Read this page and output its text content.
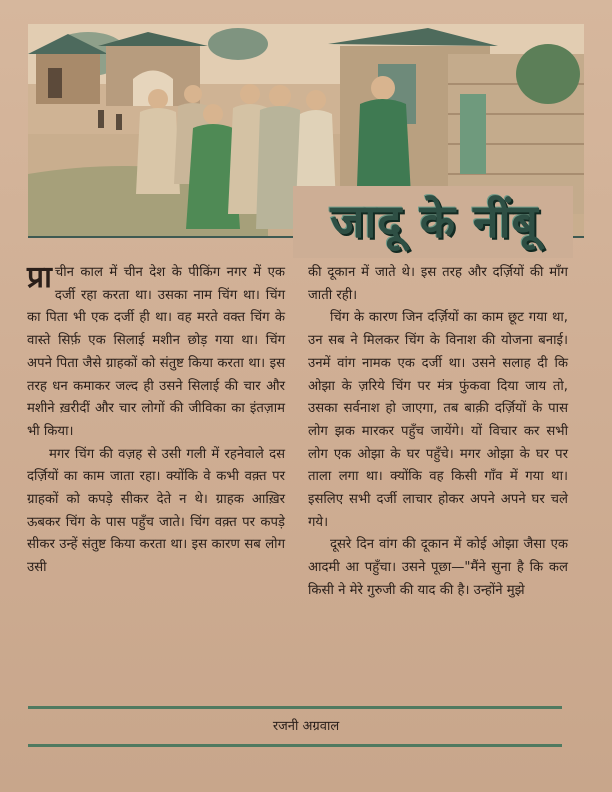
जादू के नींबू

प्रा चीन काल में चीन देश के पीकिंग नगर में एक दर्जी रहा करता था। उसका नाम चिंग था। चिंग का पिता भी एक दर्जी ही था। वह मरते वक्त चिंग के वास्ते सिर्फ़ एक सिलाई मशीन छोड़ गया था। चिंग अपने पिता जैसे ग्राहकों को संतुष्ट किया करता था। इस तरह धन कमाकर जल्द ही उसने सिलाई की चार और मशीने ख़रीदीं और चार लोगों की जीविका का इंतज़ाम भी किया।

मगर चिंग की वज़ह से उसी गली में रहनेवाले दस दर्ज़ियों का काम जाता रहा। क्योंकि वे कभी वक़्त पर ग्राहकों को कपड़े सीकर देते न थे। ग्राहक आख़िर ऊबकर चिंग के पास पहुँच जाते। चिंग वक़्त पर कपड़े सीकर उन्हें संतुष्ट किया करता था। इस कारण सब लोग उसी

की दूकान में जाते थे। इस तरह और दर्ज़ियों की माँग जाती रही।

चिंग के कारण जिन दर्ज़ियों का काम छूट गया था, उन सब ने मिलकर चिंग के विनाश की योजना बनाई। उनमें वांग नामक एक दर्जी था। उसने सलाह दी कि ओझा के ज़रिये चिंग पर मंत्र फुंकवा दिया जाय तो, उसका सर्वनाश हो जाएगा, तब बाक़ी दर्ज़ियों के पास लोग झक मारकर पहुँच जायेंगे। यों विचार कर सभी लोग एक ओझा के घर पहुँचे। मगर ओझा के घर पर ताला लगा था। क्योंकि वह किसी गाँव में गया था। इसलिए सभी दर्जी लाचार होकर अपने अपने घर चले गये।

दूसरे दिन वांग की दूकान में कोई ओझा जैसा एक आदमी आ पहुँचा। उसने पूछा—"मैंने सुना है कि कल किसी ने मेरे गुरुजी की याद की है। उन्होंने मुझे

रजनी अग्रवाल
